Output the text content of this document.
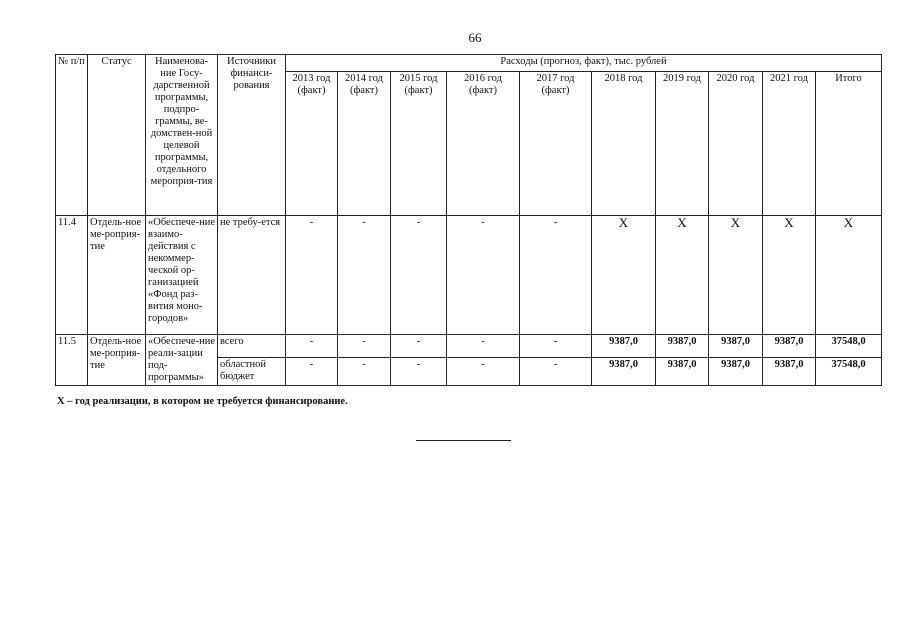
66
№ п/п	Статус	Наименова-ние Госу-дарственной программы, подпро-граммы, ве-домствен-ной целевой программы, отдельного мероприя-тия	Источники финанси-рования	Расходы (прогноз, факт), тыс. рублей									
				2013 год (факт)	2014 год (факт)	2015 год (факт)	2016 год (факт)	2017 год (факт)	2018 год	2019 год	2020 год	2021 год	Итого
11.4	Отдель-ное ме-роприя-тие	«Обеспече-ние взаимо-действия с некоммер-ческой ор-ганизацией «Фонд раз-вития моно-городов»	не требу-ется	-	-	-	-	-	X	X	X	X	X
11.5	Отдель-ное ме-роприя-тие	«Обеспече-ние реали-зации под-программы»	всего	-	-	-	-	-	9387,0	9387,0	9387,0	9387,0	37548,0
			областной бюджет	-	-	-	-	-	9387,0	9387,0	9387,0	9387,0	37548,0
Х – год реализации, в котором не требуется финансирование.
